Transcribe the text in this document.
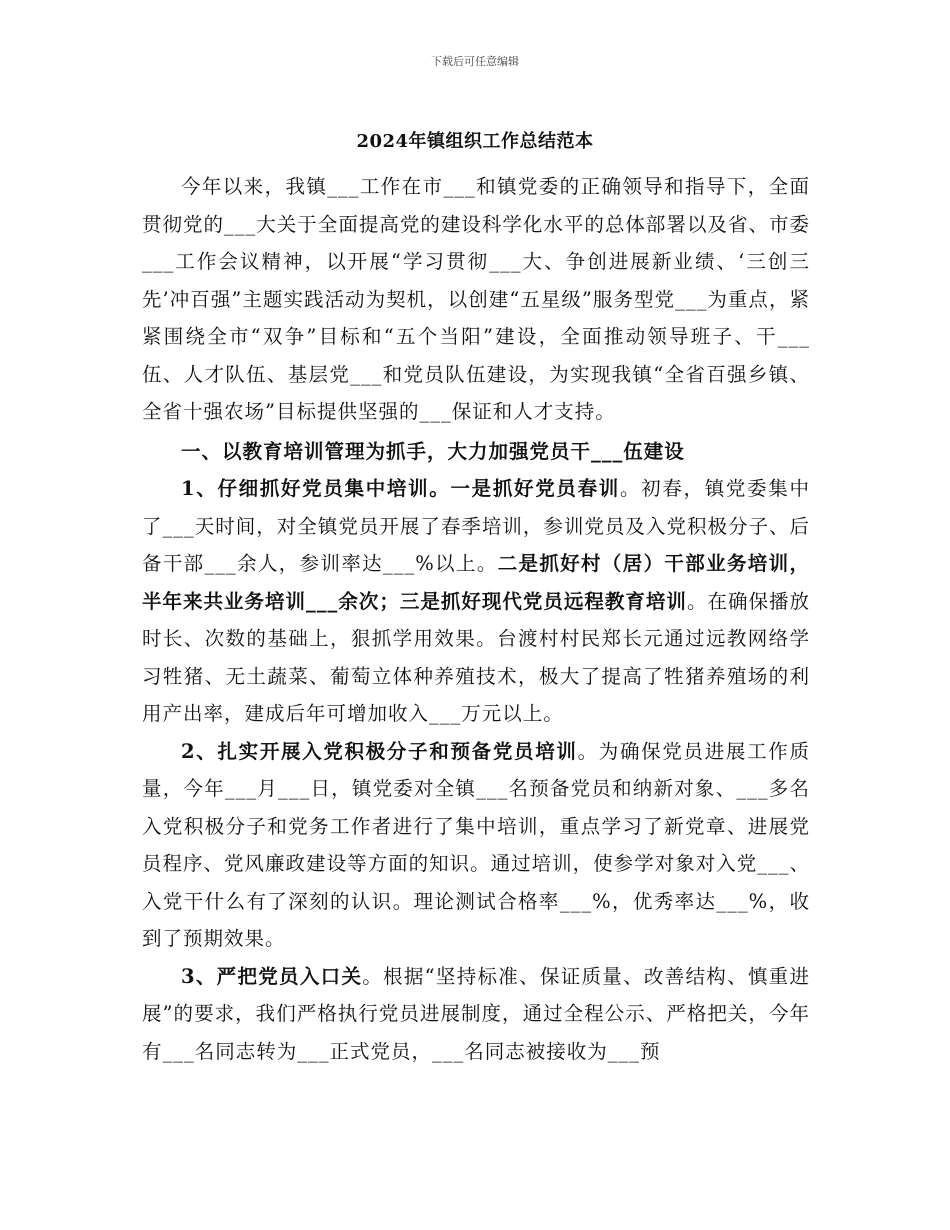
下载后可任意编辑
2024年镇组织工作总结范本

今年以来，我镇___工作在市___和镇党委的正确领导和指导下，全面贯彻党的___大关于全面提高党的建设科学化水平的总体部署以及省、市委___工作会议精神，以开展“学习贯彻___大、争创进展新业绩、‘三创三先’冲百强”主题实践活动为契机，以创建“五星级”服务型党___为重点，紧紧围绕全市“双争”目标和“五个当阳”建设，全面推动领导班子、干___伍、人才队伍、基层党___和党员队伍建设，为实现我镇“全省百强乡镇、全省十强农场”目标提供坚强的___保证和人才支持。

一、以教育培训管理为抓手，大力加强党员干___伍建设

1、仔细抓好党员集中培训。一是抓好党员春训。初春，镇党委集中了___天时间，对全镇党员开展了春季培训，参训党员及入党积极分子、后备干部___余人，参训率达___%以上。二是抓好村（居）干部业务培训，半年来共业务培训___余次；三是抓好现代党员远程教育培训。在确保播放时长、次数的基础上，狠抓学用效果。台渡村村民郑长元通过远教网络学习牲猪、无土蔬菜、葡萄立体种养殖技术，极大了提高了牲猪养殖场的利用产出率，建成后年可增加收入___万元以上。

2、扎实开展入党积极分子和预备党员培训。为确保党员进展工作质量，今年___月___日，镇党委对全镇___名预备党员和纳新对象、___多名入党积极分子和党务工作者进行了集中培训，重点学习了新党章、进展党员程序、党风廉政建设等方面的知识。通过培训，使参学对象对入党___、入党干什么有了深刻的认识。理论测试合格率___%，优秀率达___%，收到了预期效果。

3、严把党员入口关。根据“坚持标准、保证质量、改善结构、慎重进展”的要求，我们严格执行党员进展制度，通过全程公示、严格把关，今年有___名同志转为___正式党员，___名同志被接收为___预
